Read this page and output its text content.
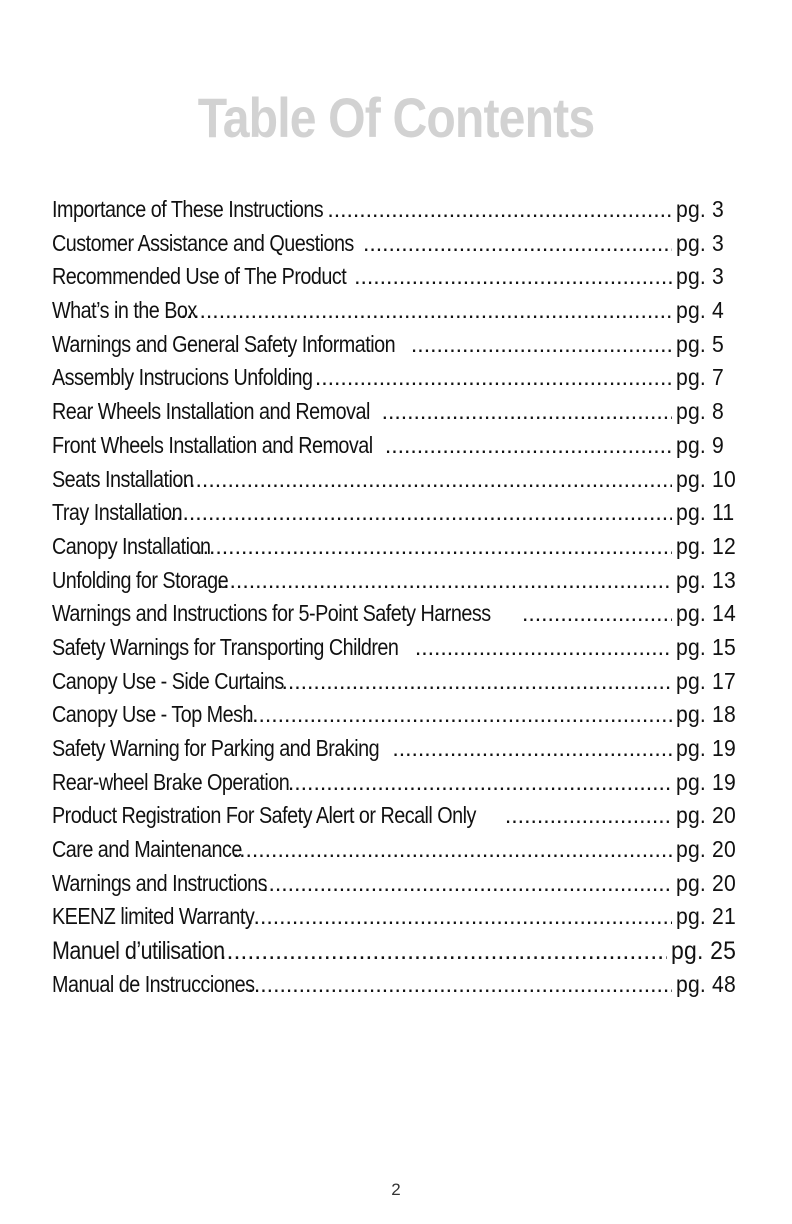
Table Of Contents
Importance of These Instructions .....	pg. 3
Customer Assistance and Questions .....	pg. 3
Recommended Use of The Product .....	pg. 3
What’s in the Box .....	pg. 4
Warnings and General Safety Information .....	pg. 5
Assembly Instrucions Unfolding .....	pg. 7
Rear Wheels Installation and Removal .....	pg. 8
Front Wheels Installation and Removal .....	pg. 9
Seats Installation .....	pg. 10
Tray Installation .....	pg. 11
Canopy Installation .....	pg. 12
Unfolding for Storage .....	pg. 13
Warnings and Instructions for 5-Point Safety Harness .....	pg. 14
Safety Warnings for Transporting Children .....	pg. 15
Canopy Use - Side Curtains .....	pg. 17
Canopy Use - Top Mesh .....	pg. 18
Safety Warning for Parking and Braking .....	pg. 19
Rear-wheel Brake Operation .....	pg. 19
Product Registration For Safety Alert or Recall Only .....	pg. 20
Care and Maintenance .....	pg. 20
Warnings and Instructions .....	pg. 20
KEENZ limited Warranty .....	pg. 21
Manuel d’utilisation .....	pg. 25
Manual de Instrucciones .....	pg. 48
2
